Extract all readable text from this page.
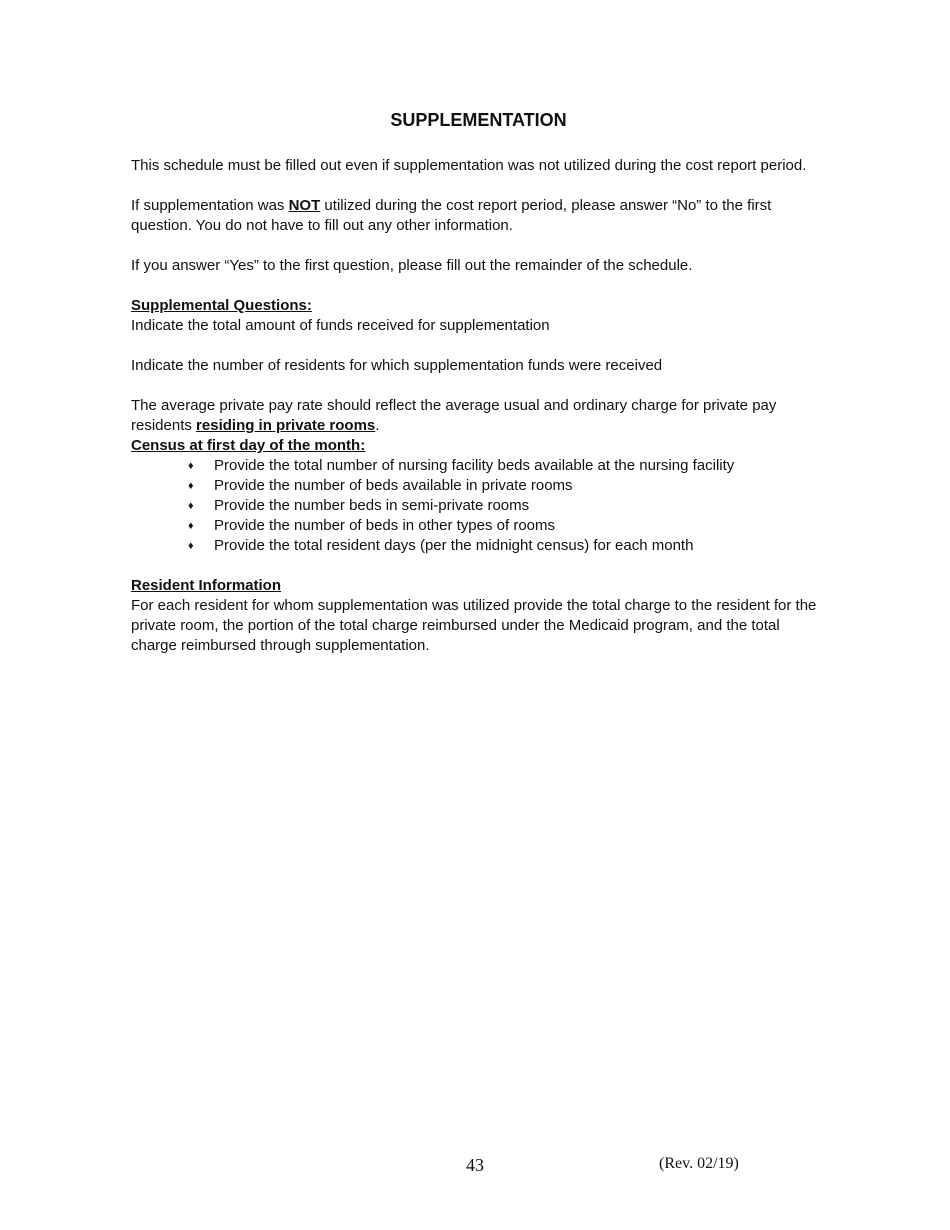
SUPPLEMENTATION

This schedule must be filled out even if supplementation was not utilized during the cost report period.

If supplementation was NOT utilized during the cost report period, please answer “No” to the first question. You do not have to fill out any other information.

If you answer “Yes” to the first question, please fill out the remainder of the schedule.

Supplemental Questions:

Indicate the total amount of funds received for supplementation

Indicate the number of residents for which supplementation funds were received

The average private pay rate should reflect the average usual and ordinary charge for private pay residents residing in private rooms.

Census at first day of the month:

♦ Provide the total number of nursing facility beds available at the nursing facility
♦ Provide the number of beds available in private rooms
♦ Provide the number beds in semi-private rooms
♦ Provide the number of beds in other types of rooms
♦ Provide the total resident days (per the midnight census) for each month

Resident Information

For each resident for whom supplementation was utilized provide the total charge to the resident for the private room, the portion of the total charge reimbursed under the Medicaid program, and the total charge reimbursed through supplementation.

43	(Rev. 02/19)
